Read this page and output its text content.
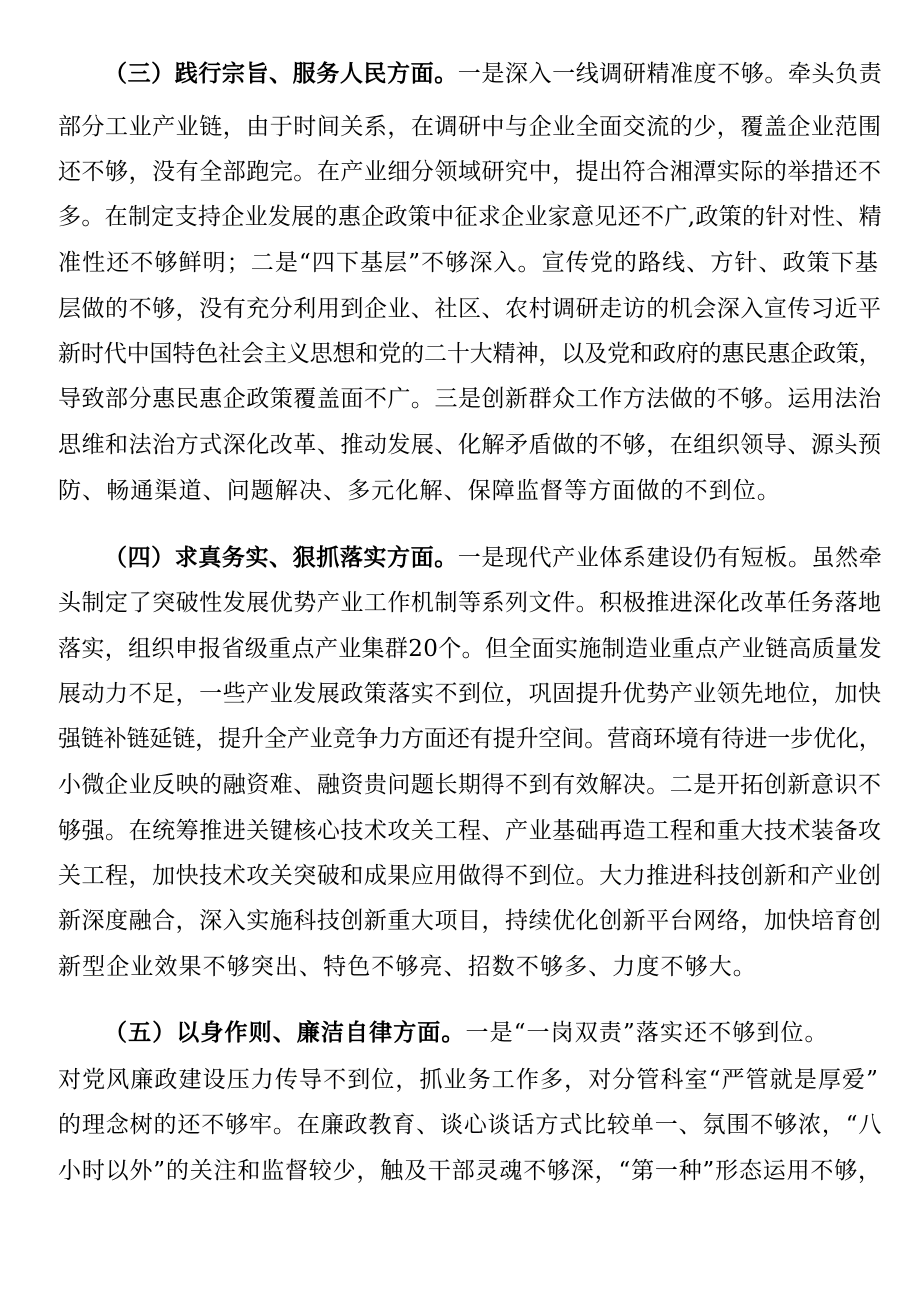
（三）践行宗旨、服务人民方面。一是深入一线调研精准度不够。牵头负责
部分工业产业链，由于时间关系，在调研中与企业全面交流的少，覆盖企业范围
还不够，没有全部跑完。在产业细分领域研究中，提出符合湘潭实际的举措还不
多。在制定支持企业发展的惠企政策中征求企业家意见还不广,政策的针对性、精
准性还不够鲜明；二是“四下基层”不够深入。宣传党的路线、方针、政策下基
层做的不够，没有充分利用到企业、社区、农村调研走访的机会深入宣传习近平
新时代中国特色社会主义思想和党的二十大精神，以及党和政府的惠民惠企政策，
导致部分惠民惠企政策覆盖面不广。三是创新群众工作方法做的不够。运用法治
思维和法治方式深化改革、推动发展、化解矛盾做的不够，在组织领导、源头预
防、畅通渠道、问题解决、多元化解、保障监督等方面做的不到位。
（四）求真务实、狠抓落实方面。一是现代产业体系建设仍有短板。虽然牵
头制定了突破性发展优势产业工作机制等系列文件。积极推进深化改革任务落地
落实，组织申报省级重点产业集群20个。但全面实施制造业重点产业链高质量发
展动力不足，一些产业发展政策落实不到位，巩固提升优势产业领先地位，加快
强链补链延链，提升全产业竞争力方面还有提升空间。营商环境有待进一步优化，
小微企业反映的融资难、融资贵问题长期得不到有效解决。二是开拓创新意识不
够强。在统筹推进关键核心技术攻关工程、产业基础再造工程和重大技术装备攻
关工程，加快技术攻关突破和成果应用做得不到位。大力推进科技创新和产业创
新深度融合，深入实施科技创新重大项目，持续优化创新平台网络，加快培育创
新型企业效果不够突出、特色不够亮、招数不够多、力度不够大。
（五）以身作则、廉洁自律方面。一是“一岗双责”落实还不够到位。
对党风廉政建设压力传导不到位，抓业务工作多，对分管科室“严管就是厚爱”
的理念树的还不够牢。在廉政教育、谈心谈话方式比较单一、氛围不够浓，“八
小时以外”的关注和监督较少，触及干部灵魂不够深，“第一种”形态运用不够，
